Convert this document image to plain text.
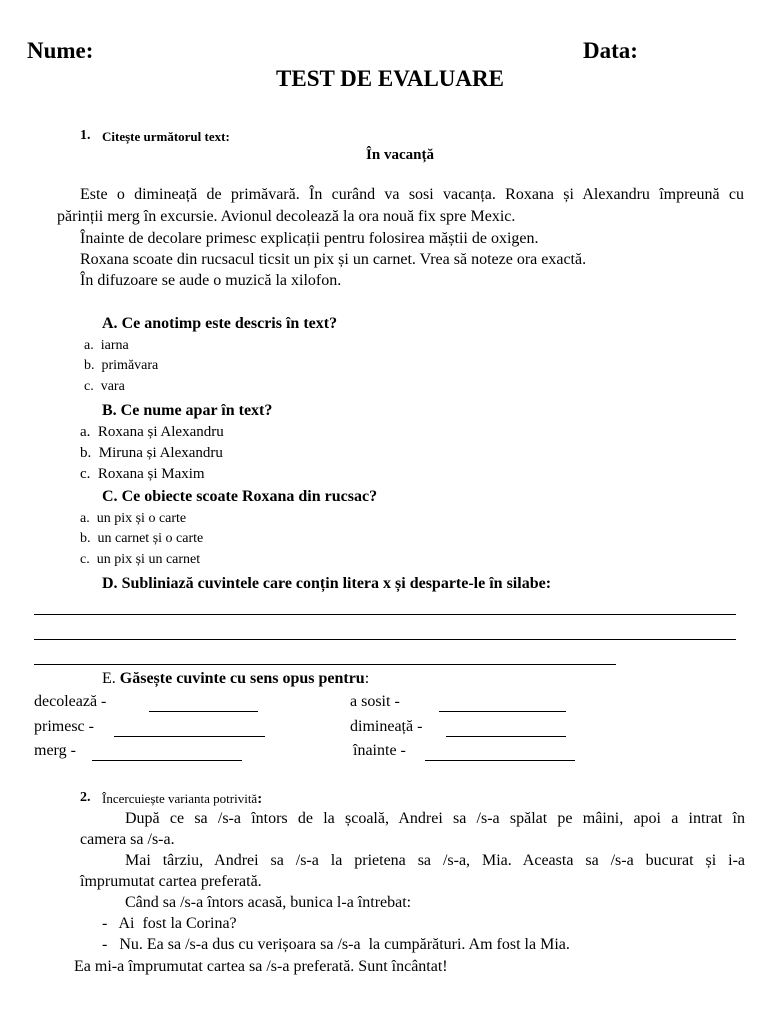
Nume:	Data:
TEST DE EVALUARE
1. Citește următorul text:
În vacanță
Este o dimineață de primăvară. În curând va sosi vacanța. Roxana și Alexandru împreună cu
părinții merg în excursie. Avionul decolează la ora nouă fix spre Mexic.
Înainte de decolare primesc explicații pentru folosirea măștii de oxigen.
Roxana scoate din rucsacul ticsit un pix și un carnet. Vrea să noteze ora exactă.
În difuzoare se aude o muzică la xilofon.
A. Ce anotimp este descris în text?
a. iarna
b. primăvara
c. vara
B. Ce nume apar în text?
a. Roxana și Alexandru
b. Miruna și Alexandru
c. Roxana și Maxim
C. Ce obiecte scoate Roxana din rucsac?
a. un pix și o carte
b. un carnet și o carte
c. un pix și un carnet
D. Subliniază cuvintele care conțin litera x și desparte-le în silabe:
E. Găsește cuvinte cu sens opus pentru:
decolează -	a sosit -
primesc -	dimineață -
merg -	înainte -
2. Încercuiește varianta potrivită:
După ce sa /s-a întors de la școală, Andrei sa /s-a spălat pe mâini, apoi a intrat în
camera sa /s-a.
Mai târziu, Andrei sa /s-a la prietena sa /s-a, Mia. Aceasta sa /s-a bucurat și i-a
împrumutat cartea preferată.
Când sa /s-a întors acasă, bunica l-a întrebat:
-   Ai  fost la Corina?
-   Nu. Ea sa /s-a dus cu verișoara sa /s-a  la cumpărături. Am fost la Mia.
Ea mi-a împrumutat cartea sa /s-a preferată. Sunt încântat!
